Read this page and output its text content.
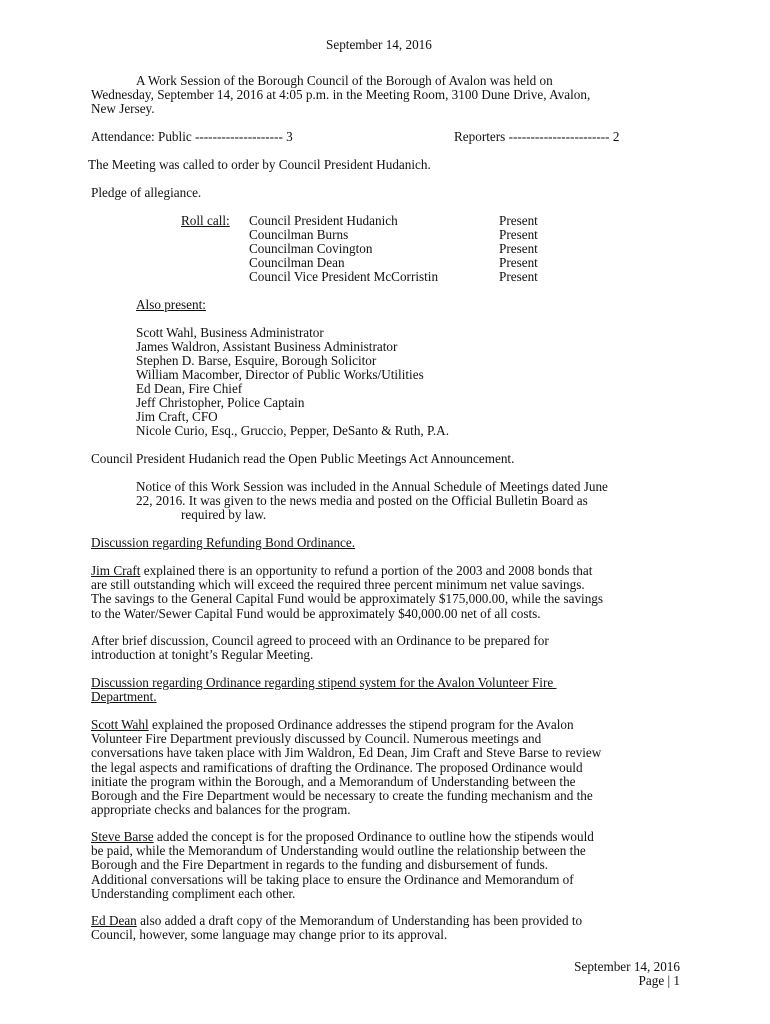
September 14, 2016
A Work Session of the Borough Council of the Borough of Avalon was held on
Wednesday, September 14, 2016 at 4:05 p.m. in the Meeting Room, 3100 Dune Drive, Avalon,
New Jersey.
Attendance: Public -------------------- 3	Reporters ----------------------- 2
The Meeting was called to order by Council President Hudanich.
Pledge of allegiance.
Roll call: Council President Hudanich	Present
Councilman Burns	Present
Councilman Covington	Present
Councilman Dean	Present
Council Vice President McCorristin	Present
Also present:
Scott Wahl, Business Administrator
James Waldron, Assistant Business Administrator
Stephen D. Barse, Esquire, Borough Solicitor
William Macomber, Director of Public Works/Utilities
Ed Dean, Fire Chief
Jeff Christopher, Police Captain
Jim Craft, CFO
Nicole Curio, Esq., Gruccio, Pepper, DeSanto & Ruth, P.A.
Council President Hudanich read the Open Public Meetings Act Announcement.
Notice of this Work Session was included in the Annual Schedule of Meetings dated June
22, 2016. It was given to the news media and posted on the Official Bulletin Board as
required by law.
Discussion regarding Refunding Bond Ordinance.

Jim Craft explained there is an opportunity to refund a portion of the 2003 and 2008 bonds that

are still outstanding which will exceed the required three percent minimum net value savings.

The savings to the General Capital Fund would be approximately $175,000.00, while the savings

to the Water/Sewer Capital Fund would be approximately $40,000.00 net of all costs.

After brief discussion, Council agreed to proceed with an Ordinance to be prepared for

introduction at tonight’s Regular Meeting.

Discussion regarding Ordinance regarding stipend system for the Avalon Volunteer Fire

Department.

Scott Wahl explained the proposed Ordinance addresses the stipend program for the Avalon

Volunteer Fire Department previously discussed by Council. Numerous meetings and

conversations have taken place with Jim Waldron, Ed Dean, Jim Craft and Steve Barse to review

the legal aspects and ramifications of drafting the Ordinance. The proposed Ordinance would

initiate the program within the Borough, and a Memorandum of Understanding between the

Borough and the Fire Department would be necessary to create the funding mechanism and the

appropriate checks and balances for the program.

Steve Barse added the concept is for the proposed Ordinance to outline how the stipends would

be paid, while the Memorandum of Understanding would outline the relationship between the

Borough and the Fire Department in regards to the funding and disbursement of funds.

Additional conversations will be taking place to ensure the Ordinance and Memorandum of

Understanding compliment each other.

Ed Dean also added a draft copy of the Memorandum of Understanding has been provided to

Council, however, some language may change prior to its approval.

September 14, 2016
Page | 1
